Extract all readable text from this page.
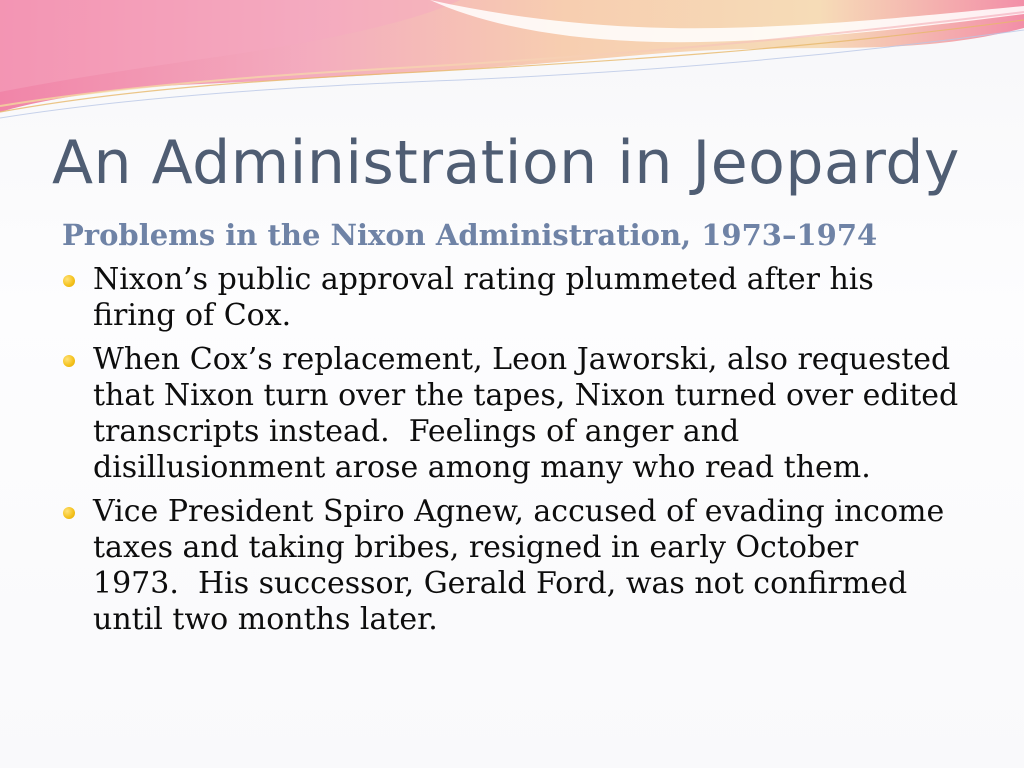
An Administration in Jeopardy
Problems in the Nixon Administration, 1973–1974
Nixon’s public approval rating plummeted after his firing of Cox.
When Cox’s replacement, Leon Jaworski, also requested that Nixon turn over the tapes, Nixon turned over edited transcripts instead.  Feelings of anger and disillusionment arose among many who read them.
Vice President Spiro Agnew, accused of evading income taxes and taking bribes, resigned in early October 1973.  His successor, Gerald Ford, was not confirmed until two months later.
